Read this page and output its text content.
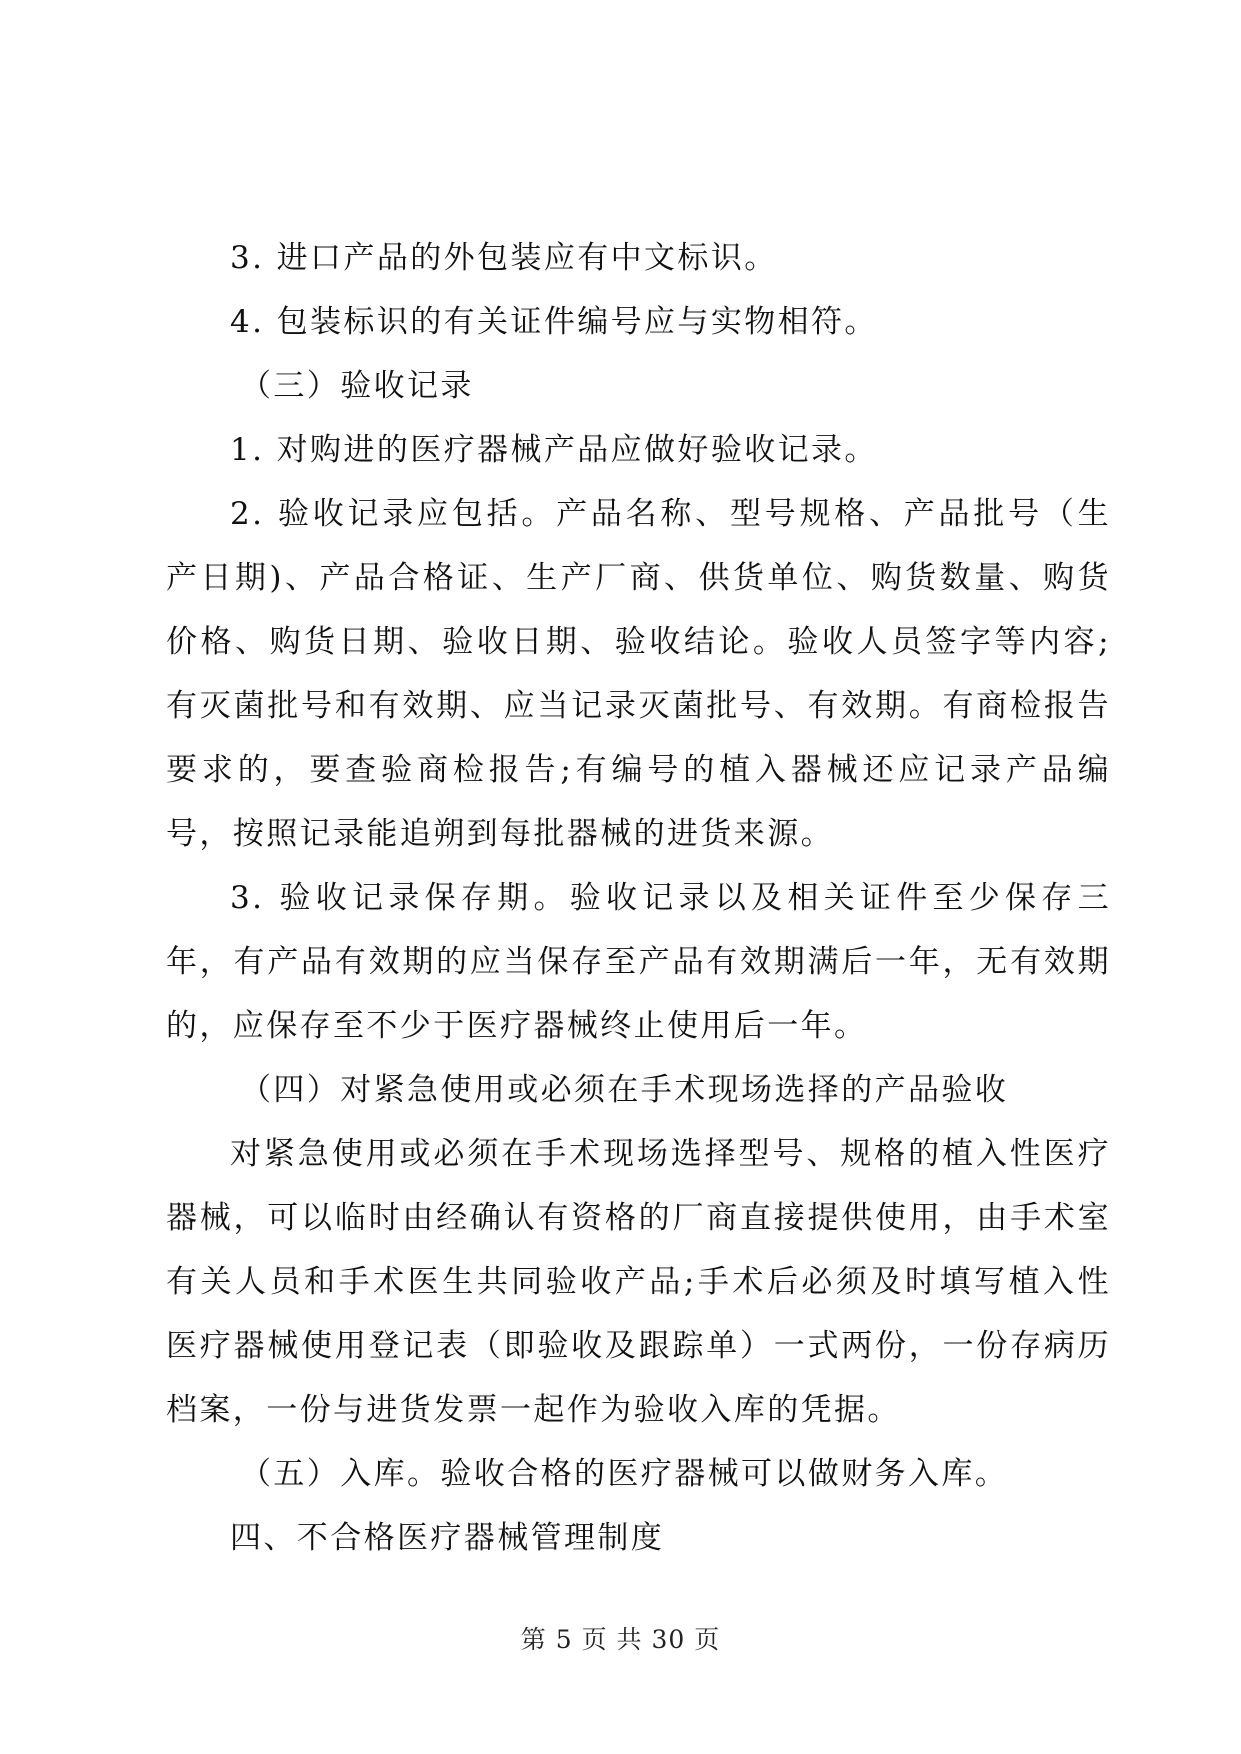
3. 进口产品的外包装应有中文标识。

4. 包装标识的有关证件编号应与实物相符。

（三）验收记录

1. 对购进的医疗器械产品应做好验收记录。

2. 验收记录应包括。产品名称、型号规格、产品批号（生产日期)、产品合格证、生产厂商、供货单位、购货数量、购货价格、购货日期、验收日期、验收结论。验收人员签字等内容;有灭菌批号和有效期、应当记录灭菌批号、有效期。有商检报告要求的，要查验商检报告;有编号的植入器械还应记录产品编号，按照记录能追朔到每批器械的进货来源。

3. 验收记录保存期。验收记录以及相关证件至少保存三年，有产品有效期的应当保存至产品有效期满后一年，无有效期的，应保存至不少于医疗器械终止使用后一年。

（四）对紧急使用或必须在手术现场选择的产品验收

对紧急使用或必须在手术现场选择型号、规格的植入性医疗器械，可以临时由经确认有资格的厂商直接提供使用，由手术室有关人员和手术医生共同验收产品;手术后必须及时填写植入性医疗器械使用登记表（即验收及跟踪单）一式两份，一份存病历档案，一份与进货发票一起作为验收入库的凭据。

（五）入库。验收合格的医疗器械可以做财务入库。

四、不合格医疗器械管理制度

第 5 页 共 30 页
